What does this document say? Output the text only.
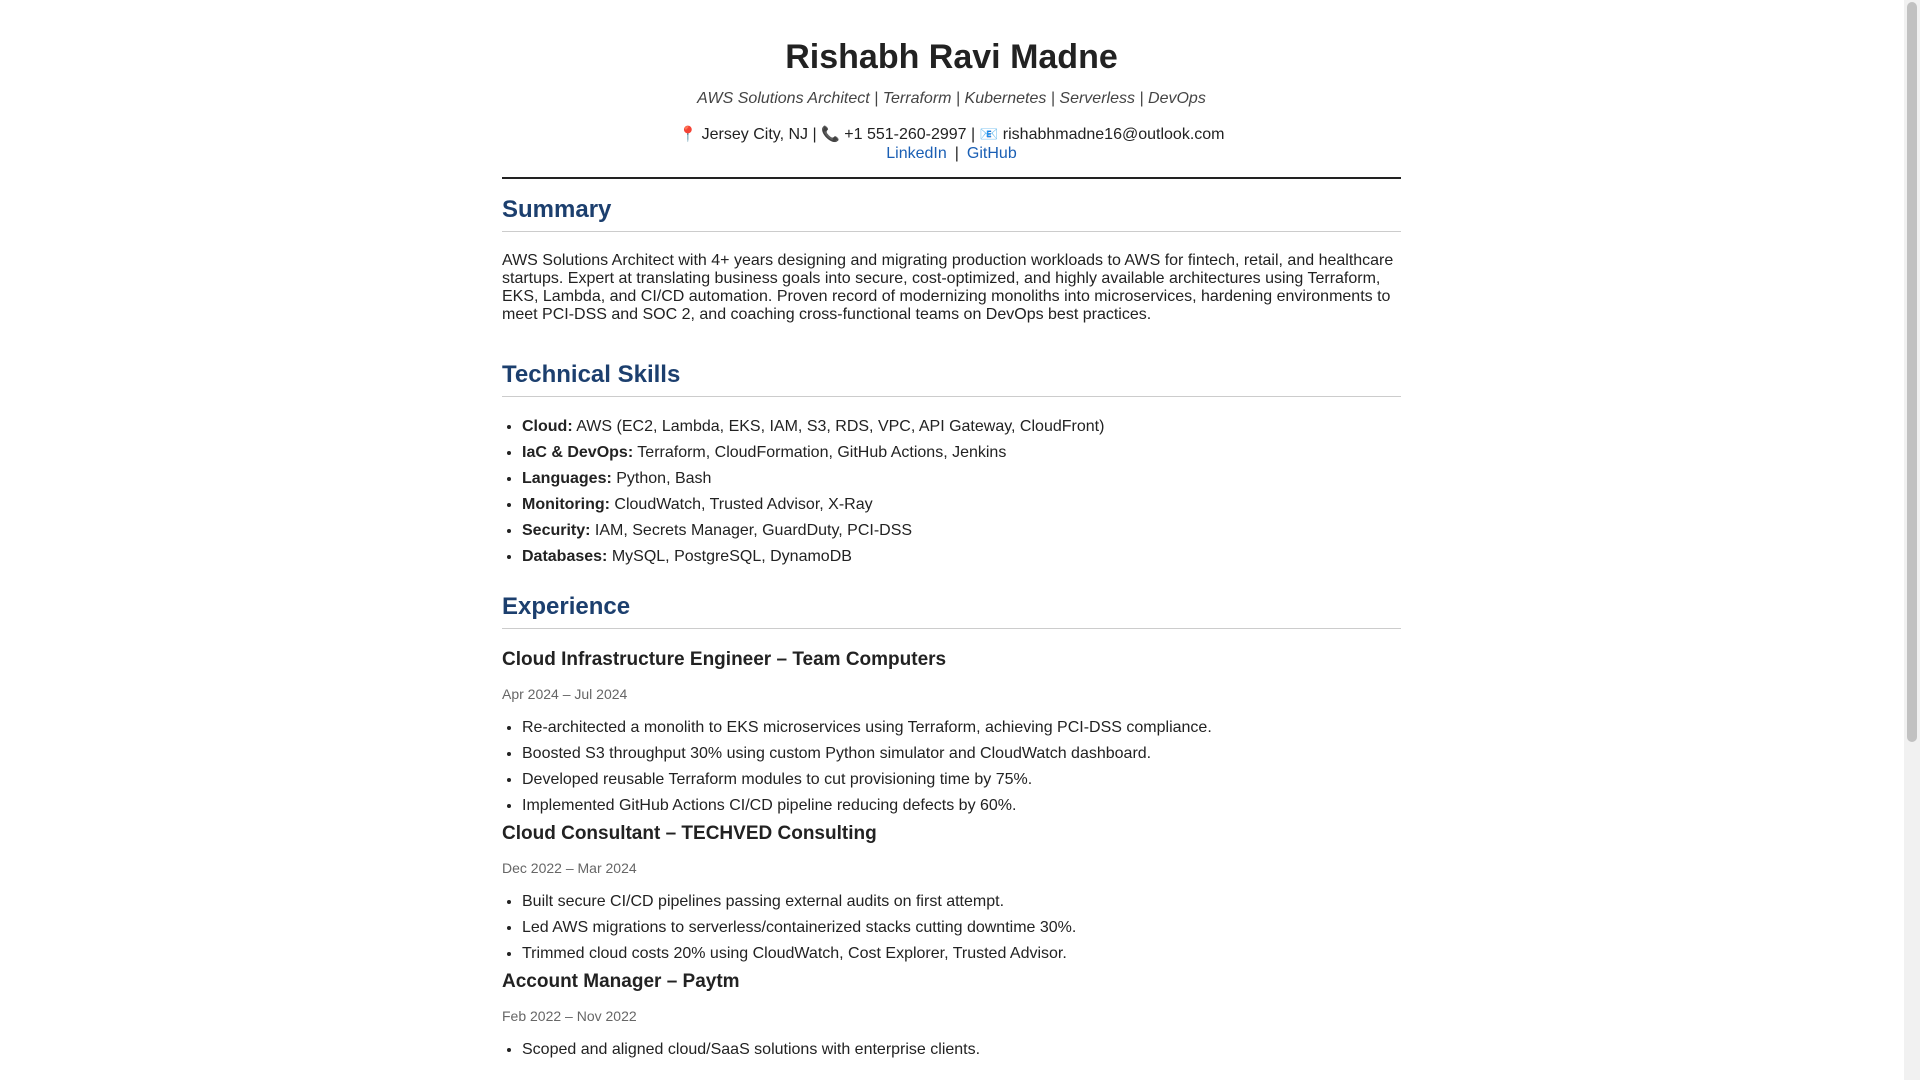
Rishabh Ravi Madne
AWS Solutions Architect | Terraform | Kubernetes | Serverless | DevOps
📍 Jersey City, NJ | 📞 +1 551-260-2997 | 📧 rishabhmadne16@outlook.com
LinkedIn | GitHub
Summary

AWS Solutions Architect with 4+ years designing and migrating production workloads to AWS for fintech, retail, and healthcare startups. Expert at translating business goals into secure, cost-optimized, and highly available architectures using Terraform, EKS, Lambda, and CI/CD automation. Proven record of modernizing monoliths into microservices, hardening environments to meet PCI-DSS and SOC 2, and coaching cross-functional teams on DevOps best practices.

Technical Skills
• Cloud: AWS (EC2, Lambda, EKS, IAM, S3, RDS, VPC, API Gateway, CloudFront)
• IaC & DevOps: Terraform, CloudFormation, GitHub Actions, Jenkins
• Languages: Python, Bash
• Monitoring: CloudWatch, Trusted Advisor, X-Ray
• Security: IAM, Secrets Manager, GuardDuty, PCI-DSS
• Databases: MySQL, PostgreSQL, DynamoDB
Experience
Cloud Infrastructure Engineer – Team Computers
Apr 2024 – Jul 2024
• Re-architected a monolith to EKS microservices using Terraform, achieving PCI-DSS compliance.
• Boosted S3 throughput 30% using custom Python simulator and CloudWatch dashboard.
• Developed reusable Terraform modules to cut provisioning time by 75%.
• Implemented GitHub Actions CI/CD pipeline reducing defects by 60%.
Cloud Consultant – TECHVED Consulting
Dec 2022 – Mar 2024
• Built secure CI/CD pipelines passing external audits on first attempt.
• Led AWS migrations to serverless/containerized stacks cutting downtime 30%.
• Trimmed cloud costs 20% using CloudWatch, Cost Explorer, Trusted Advisor.
Account Manager – Paytm
Feb 2022 – Nov 2022
• Scoped and aligned cloud/SaaS solutions with enterprise clients.
